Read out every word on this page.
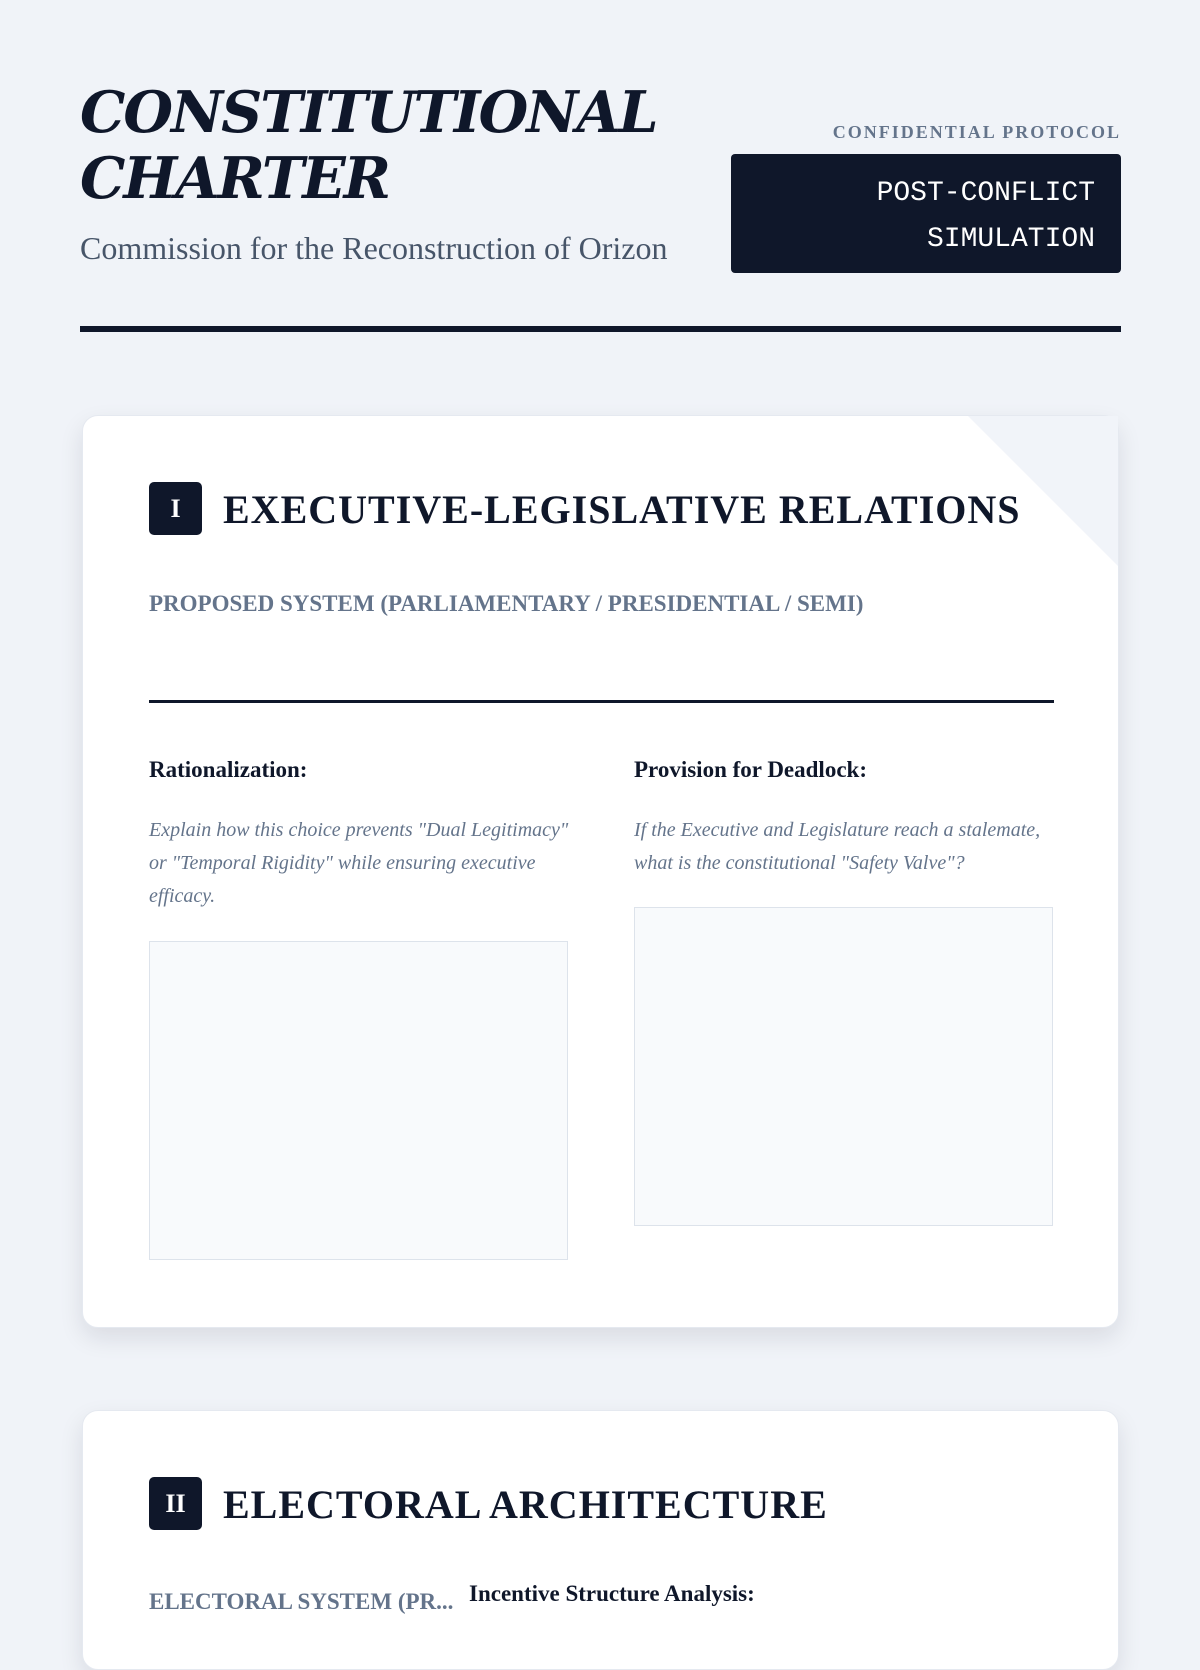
CONSTITUTIONAL
CHARTER
Commission for the Reconstruction of Orizon
CONFIDENTIAL PROTOCOL
POST-CONFLICT
SIMULATION
I	EXECUTIVE-LEGISLATIVE RELATIONS
PROPOSED SYSTEM (PARLIAMENTARY / PRESIDENTIAL / SEMI)
Rationalization:
Explain how this choice prevents "Dual Legitimacy" or "Temporal Rigidity" while ensuring executive efficacy.
Provision for Deadlock:
If the Executive and Legislature reach a stalemate, what is the constitutional "Safety Valve"?
II ELECTORAL ARCHITECTURE
ELECTORAL SYSTEM (PR... Incentive Structure Analysis:
